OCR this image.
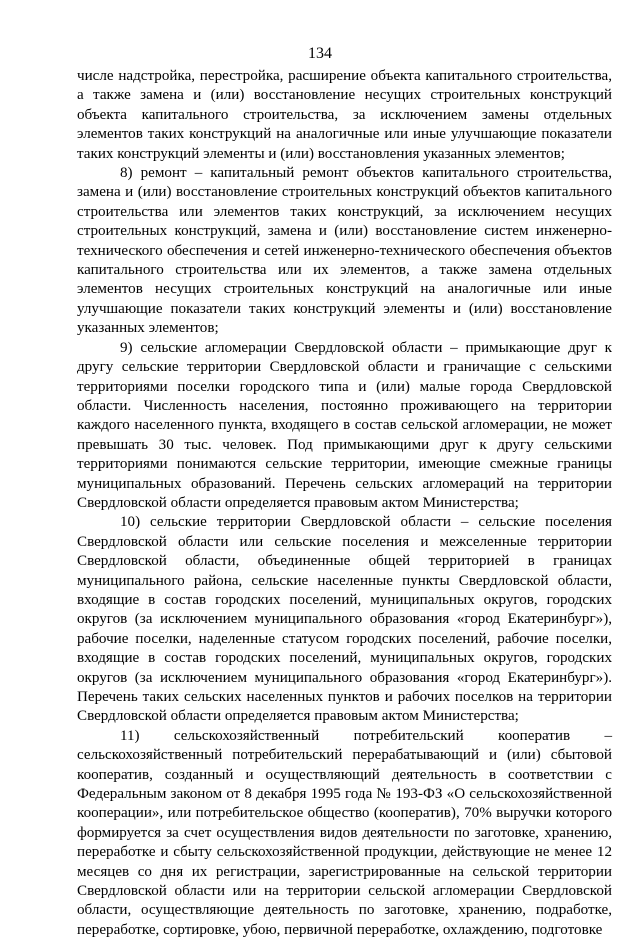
134

числе надстройка, перестройка, расширение объекта капитального строительства, а также замена и (или) восстановление несущих строительных конструкций объекта капитального строительства, за исключением замены отдельных элементов таких конструкций на аналогичные или иные улучшающие показатели таких конструкций элементы и (или) восстановления указанных элементов;

8) ремонт – капитальный ремонт объектов капитального строительства, замена и (или) восстановление строительных конструкций объектов капитального строительства или элементов таких конструкций, за исключением несущих строительных конструкций, замена и (или) восстановление систем инженерно-технического обеспечения и сетей инженерно-технического обеспечения объектов капитального строительства или их элементов, а также замена отдельных элементов несущих строительных конструкций на аналогичные или иные улучшающие показатели таких конструкций элементы и (или) восстановление указанных элементов;

9) сельские агломерации Свердловской области – примыкающие друг к другу сельские территории Свердловской области и граничащие с сельскими территориями поселки городского типа и (или) малые города Свердловской области. Численность населения, постоянно проживающего на территории каждого населенного пункта, входящего в состав сельской агломерации, не может превышать 30 тыс. человек. Под примыкающими друг к другу сельскими территориями понимаются сельские территории, имеющие смежные границы муниципальных образований. Перечень сельских агломераций на территории Свердловской области определяется правовым актом Министерства;

10) сельские территории Свердловской области – сельские поселения Свердловской области или сельские поселения и межселенные территории Свердловской области, объединенные общей территорией в границах муниципального района, сельские населенные пункты Свердловской области, входящие в состав городских поселений, муниципальных округов, городских округов (за исключением муниципального образования «город Екатеринбург»), рабочие поселки, наделенные статусом городских поселений, рабочие поселки, входящие в состав городских поселений, муниципальных округов, городских округов (за исключением муниципального образования «город Екатеринбург»). Перечень таких сельских населенных пунктов и рабочих поселков на территории Свердловской области определяется правовым актом Министерства;

11) сельскохозяйственный потребительский кооператив – сельскохозяйственный потребительский перерабатывающий и (или) сбытовой кооператив, созданный и осуществляющий деятельность в соответствии с Федеральным законом от 8 декабря 1995 года № 193-ФЗ «О сельскохозяйственной кооперации», или потребительское общество (кооператив), 70% выручки которого формируется за счет осуществления видов деятельности по заготовке, хранению, переработке и сбыту сельскохозяйственной продукции, действующие не менее 12 месяцев со дня их регистрации, зарегистрированные на сельской территории Свердловской области или на территории сельской агломерации Свердловской области, осуществляющие деятельность по заготовке, хранению, подработке, переработке, сортировке, убою, первичной переработке, охлаждению, подготовке
